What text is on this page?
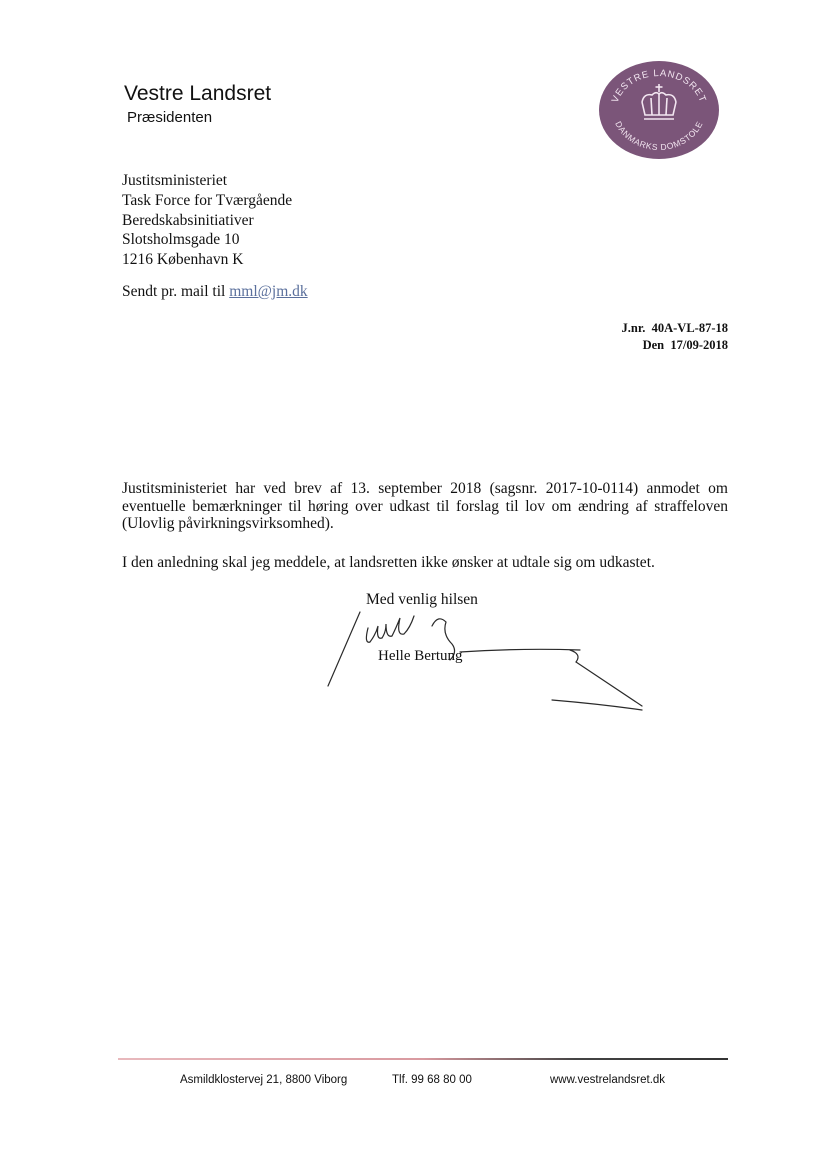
Vestre Landsret
Præsidenten
VESTRE LANDSRET
DANMARKS DOMSTOLE
Justitsministeriet
Task Force for Tværgående
Beredskabsinitiativer
Slotsholmsgade 10
1216 København K
Sendt pr. mail til mml@jm.dk
J.nr. 40A-VL-87-18
Den 17/09-2018
Justitsministeriet har ved brev af 13. september 2018 (sagsnr. 2017-10-0114) anmodet om eventuelle bemærkninger til høring over udkast til forslag til lov om ændring af straffeloven (Ulovlig påvirkningsvirksomhed).
I den anledning skal jeg meddele, at landsretten ikke ønsker at udtale sig om udkastet.
Med venlig hilsen
Helle Bertung
Asmildklostervej 21, 8800 Viborg	Tlf. 99 68 80 00	www.vestrelandsret.dk
